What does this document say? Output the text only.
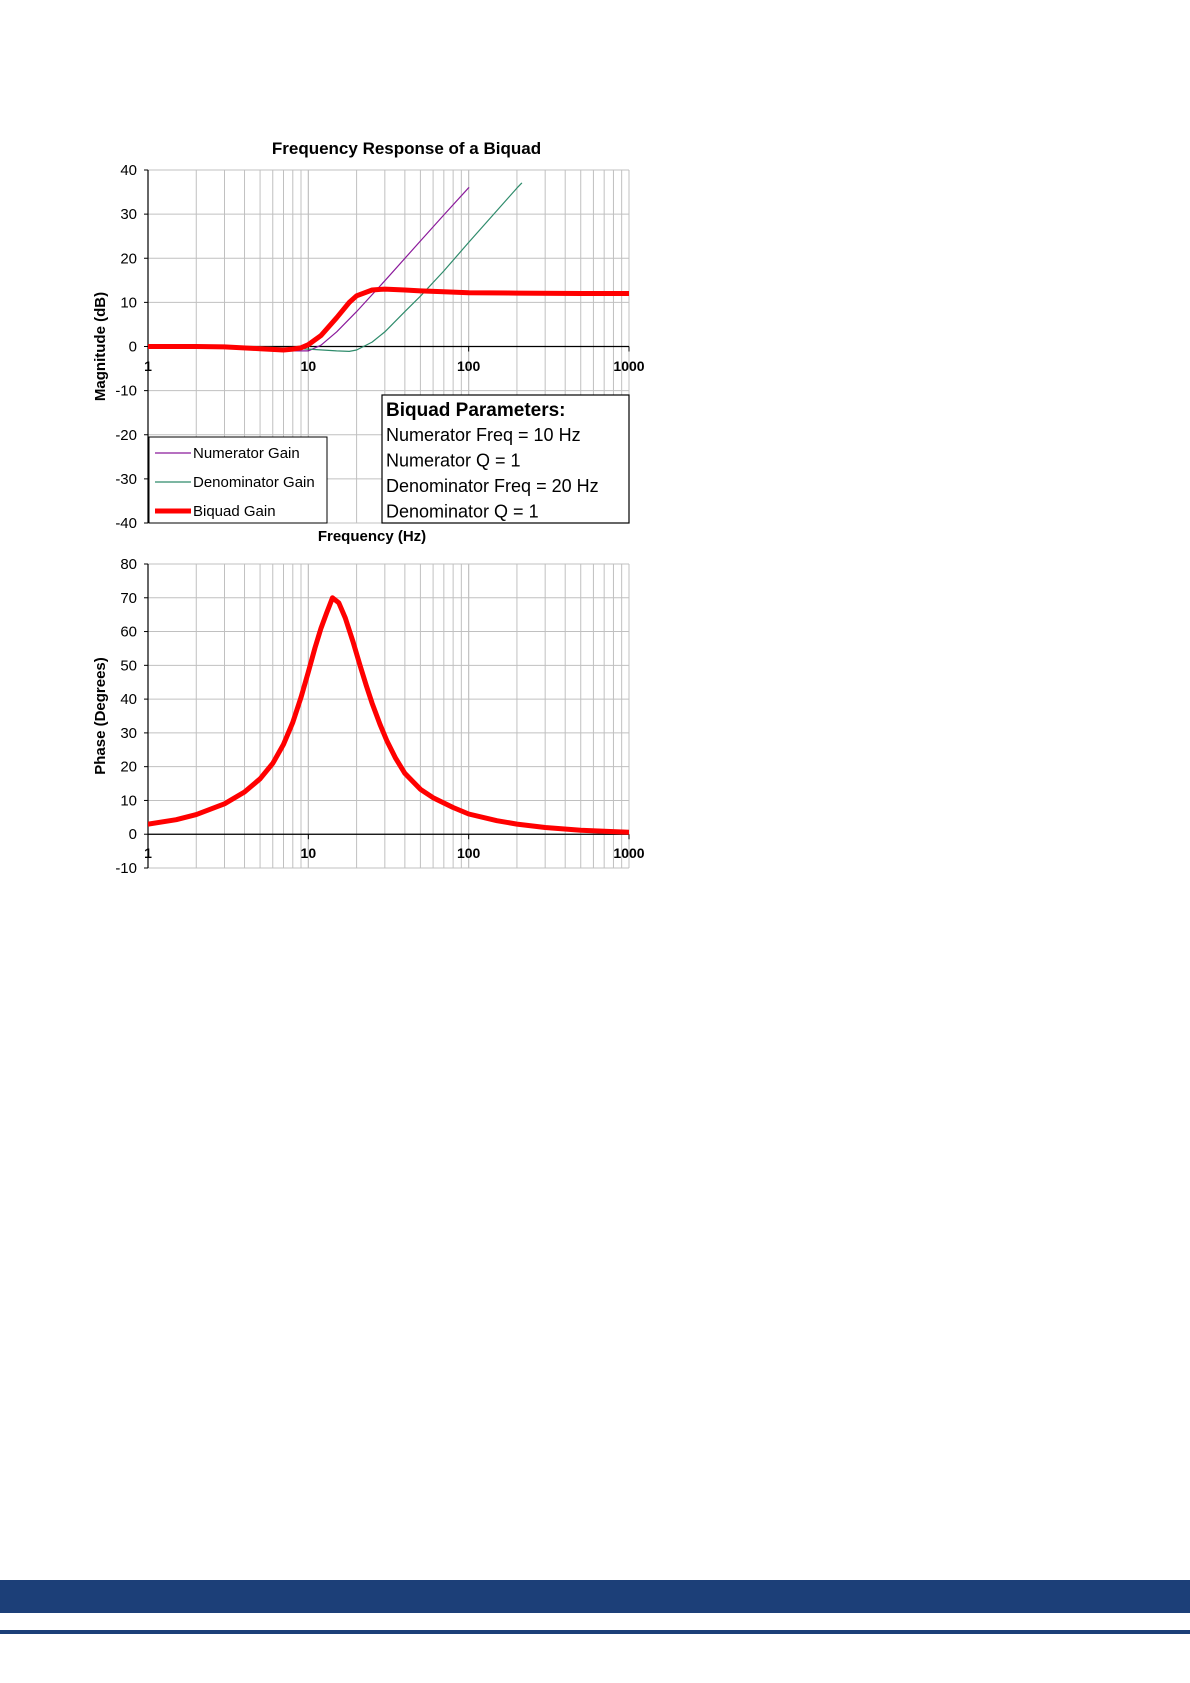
40
30
20
10
0
-10
-20
-30
-40
1	10	100	1000
Frequency Response of a Biquad
Frequency (Hz)
Magnitude (dB)
Numerator Gain
Denominator Gain
Biquad Gain
Biquad Parameters:
Numerator Freq = 10 Hz
Numerator Q = 1
Denominator Freq = 20 Hz
Denominator Q = 1
80
70
60
50
40
30
20
10
0
-10
1	10	100	1000
Phase (Degrees)
